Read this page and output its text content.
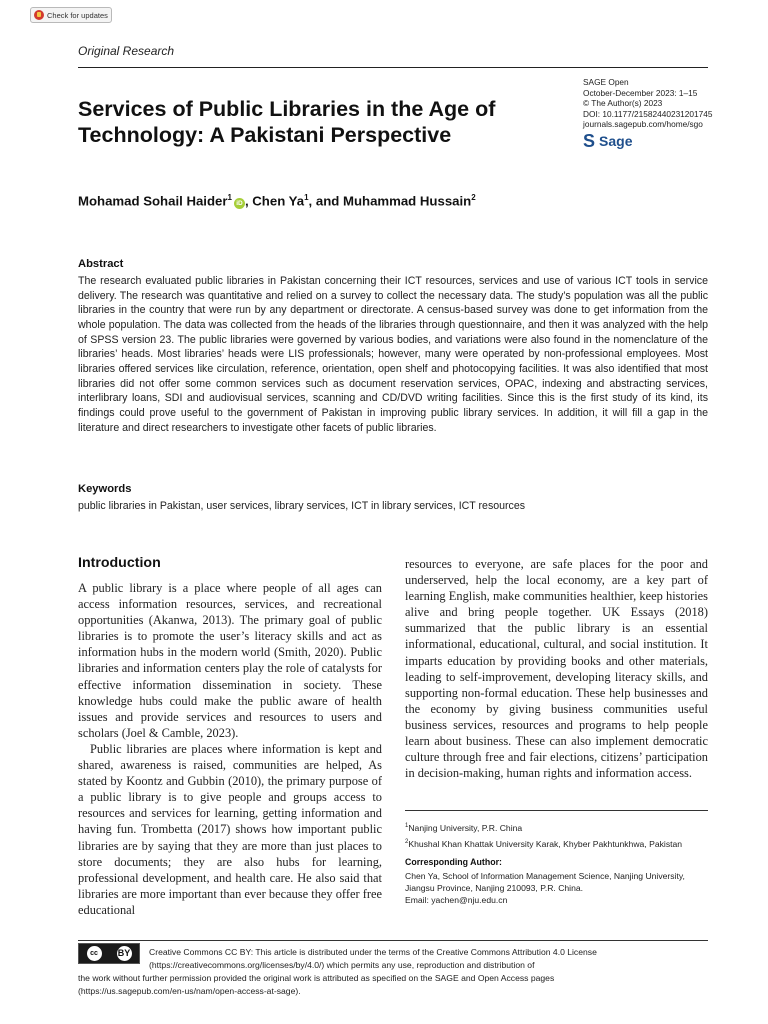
Check for updates
Original Research
SAGE Open
October-December 2023: 1–15
© The Author(s) 2023
DOI: 10.1177/21582440231201745
journals.sagepub.com/home/sgo
S Sage
Services of Public Libraries in the Age of Technology: A Pakistani Perspective
Mohamad Sohail Haider$^1$iD , Chen Ya$^1$, and Muhammad Hussain$^2$
Abstract
The research evaluated public libraries in Pakistan concerning their ICT resources, services and use of various ICT tools in service delivery. The research was quantitative and relied on a survey to collect the necessary data. The study’s population was all the public libraries in the country that were run by any department or directorate. A census-based survey was done to get information from the whole population. The data was collected from the heads of the libraries through questionnaire, and then it was analyzed with the help of SPSS version 23. The public libraries were governed by various bodies, and variations were also found in the nomenclature of the libraries’ heads. Most libraries’ heads were LIS professionals; however, many were operated by non-professional employees. Most libraries offered services like circulation, reference, orientation, open shelf and photocopying facilities. It was also identified that most libraries did not offer some common services such as document reservation services, OPAC, indexing and abstracting services, interlibrary loans, SDI and audiovisual services, scanning and CD/DVD writing facilities. Since this is the first study of its kind, its findings could prove useful to the government of Pakistan in improving public library services. In addition, it will fill a gap in the literature and direct researchers to investigate other facets of public libraries.
Keywords
public libraries in Pakistan, user services, library services, ICT in library services, ICT resources
Introduction

A public library is a place where people of all ages can access information resources, services, and recreational opportunities (Akanwa, 2013). The primary goal of public libraries is to promote the user’s literacy skills and act as information hubs in the modern world (Smith, 2020). Public libraries and information centers play the role of catalysts for effective information dissemination in society. These knowledge hubs could make the public aware of health issues and provide services and resources to users and scholars (Joel & Camble, 2023).

Public libraries are places where information is kept and shared, awareness is raised, communities are helped, As stated by Koontz and Gubbin (2010), the primary purpose of a public library is to give people and groups access to resources and services for learning, getting information and having fun. Trombetta (2017) shows how important public libraries are by saying that they are more than just places to store documents; they are also hubs for learning, professional development, and health care. He also said that libraries are more important than ever because they offer free educational

resources to everyone, are safe places for the poor and underserved, help the local economy, are a key part of learning English, make communities healthier, keep histories alive and bring people together. UK Essays (2018) summarized that the public library is an essential informational, educational, cultural, and social institution. It imparts education by providing books and other materials, leading to self-improvement, developing literacy skills, and supporting non-formal education. These help businesses and the economy by giving business communities useful business services, resources and programs to help people learn about business. These can also implement democratic culture through free and fair elections, citizens’ participation in decision-making, human rights and information access.

$^1$Nanjing University, P.R. China
$^2$Khushal Khan Khattak University Karak, Khyber Pakhtunkhwa, Pakistan
Corresponding Author:
Chen Ya, School of Information Management Science, Nanjing University,
Jiangsu Province, Nanjing 210093, P.R. China.
Email: yachen@nju.edu.cn
cc	BY	Creative Commons CC BY: This article is distributed under the terms of the Creative Commons Attribution 4.0 License
(https://creativecommons.org/licenses/by/4.0/) which permits any use, reproduction and distribution of
the work without further permission provided the original work is attributed as specified on the SAGE and Open Access pages
(https://us.sagepub.com/en-us/nam/open-access-at-sage).
